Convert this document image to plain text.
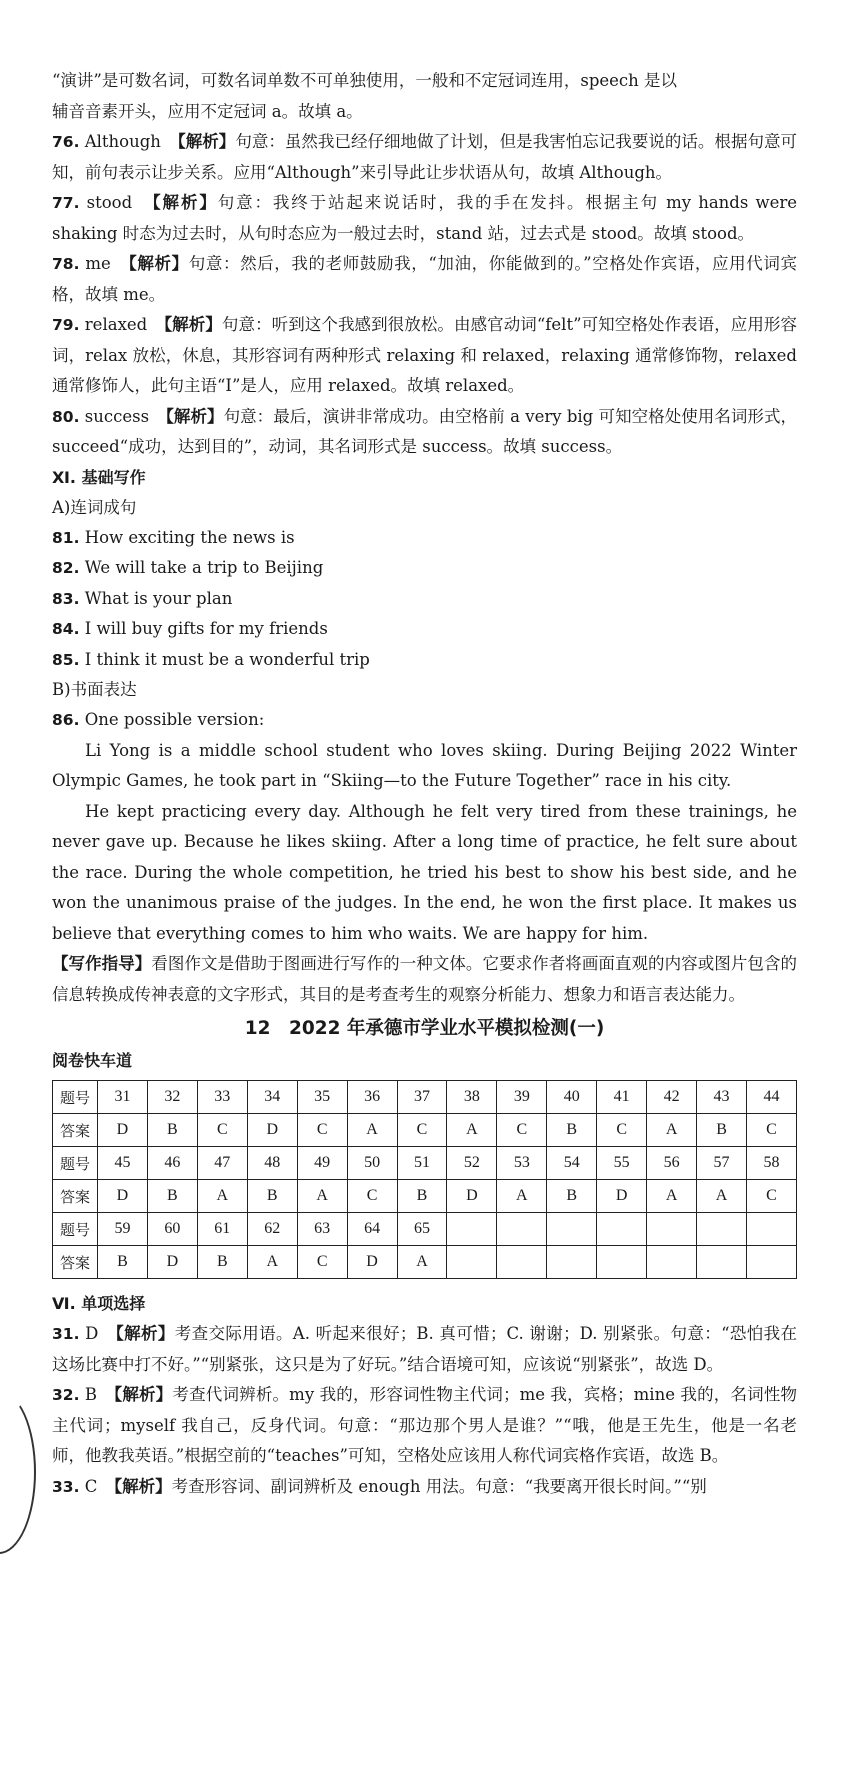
“演讲”是可数名词，可数名词单数不可单独使用，一般和不定冠词连用，speech 是以

辅音音素开头，应用不定冠词 a。故填 a。

76. Although　 【解析】句意：虽然我已经仔细地做了计划，但是我害怕忘记我要说的话。根据句意可知，前句表示让步关系。应用“Although”来引导此让步状语从句，故填 Although。

77. stood　 【解析】句意：我终于站起来说话时，我的手在发抖。根据主句 my hands were shaking 时态为过去时，从句时态应为一般过去时，stand 站，过去式是 stood。故填 stood。

78. me　 【解析】句意：然后，我的老师鼓励我，“加油，你能做到的。”空格处作宾语，应用代词宾格，故填 me。

79. relaxed　 【解析】句意：听到这个我感到很放松。由感官动词“felt”可知空格处作表语，应用形容词，relax 放松，休息，其形容词有两种形式 relaxing 和 relaxed，relaxing 通常修饰物，relaxed 通常修饰人，此句主语“I”是人，应用 relaxed。故填 relaxed。

80. success　 【解析】句意：最后，演讲非常成功。由空格前 a very big 可知空格处使用名词形式，succeed“成功，达到目的”，动词，其名词形式是 success。故填 success。

Ⅺ. 基础写作
A)连词成句
81. How exciting the news is
82. We will take a trip to Beijing
83. What is your plan
84. I will buy gifts for my friends
85. I think it must be a wonderful trip
B)书面表达
86. One possible version:

Li Yong is a middle school student who loves skiing. During Beijing 2022 Winter Olympic Games, he took part in “Skiing—to the Future Together” race in his city.

He kept practicing every day. Although he felt very tired from these trainings, he never gave up. Because he likes skiing. After a long time of practice, he felt sure about the race. During the whole competition, he tried his best to show his best side, and he won the unanimous praise of the judges. In the end, he won the first place. It makes us believe that everything comes to him who waits. We are happy for him.

【写作指导】看图作文是借助于图画进行写作的一种文体。它要求作者将画面直观的内容或图片包含的信息转换成传神表意的文字形式，其目的是考查考生的观察分析能力、想象力和语言表达能力。

12　2022 年承德市学业水平模拟检测(一)
阅卷快车道
题号	31	32	33	34	35	36	37	38	39	40	41	42	43	44
答案	D	B	C	D	C	A	C	A	C	B	C	A	B	C
题号	45	46	47	48	49	50	51	52	53	54	55	56	57	58
答案	D	B	A	B	A	C	B	D	A	B	D	A	A	C
题号	59	60	61	62	63	64	65							
答案	B	D	B	A	C	D	A							
Ⅵ. 单项选择

31. D　 【解析】考查交际用语。A. 听起来很好；B. 真可惜；C. 谢谢；D. 别紧张。句意：“恐怕我在这场比赛中打不好。”“别紧张，这只是为了好玩。”结合语境可知，应该说“别紧张”，故选 D。

32. B　 【解析】考查代词辨析。my 我的，形容词性物主代词；me 我，宾格；mine 我的，名词性物主代词；myself 我自己，反身代词。句意：“那边那个男人是谁？”“哦，他是王先生，他是一名老师，他教我英语。”根据空前的“teaches”可知，空格处应该用人称代词宾格作宾语，故选 B。

33. C　 【解析】考查形容词、副词辨析及 enough 用法。句意：“我要离开很长时间。”“别
